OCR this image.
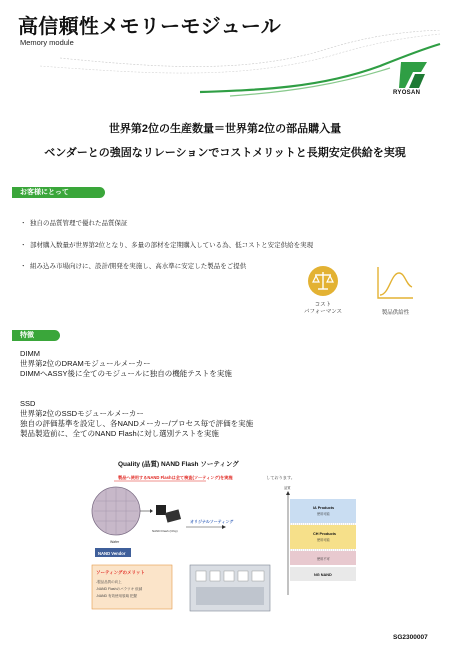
高信頼性メモリーモジュール
Memory module
RYOSAN
世界第2位の生産数量＝世界第2位の部品購入量
ベンダーとの強固なリレーションでコストメリットと長期安定供給を実現
お客様にとって
・ 独自の品質管理で優れた品質保証
・ 部材購入数量が世界第2位となり、多量の部材を定期購入している為、低コストと安定供給を実現
・ 組み込み市場向けに、設計/開発を実施し、高水準に安定した製品をご提供
コスト
パフォーマンス	製品供給性
特徴
DIMM
世界第2位のDRAMモジュールメーカー
DIMMへASSY後に全てのモジュールに独自の機能テストを実施
SSD
世界第2位のSSDモジュールメーカー
独自の評価基準を設定し、各NANDメーカー/プロセス毎で評価を実施
製品製造前に、全てのNAND Flashに対し選別テストを実施
Quality (品質) NAND Flash ソーティング
製品へ使用するNAND Flashは全て検査(ソーティング)を実施	しております。
Wafer
NAND Flash (Chip)
オリジナルソーティング
NAND Vendor
ソーティングのメリット
-製品品質の向上
-NAND Flashのバラツキ 低減
-NAND 有効使用領域 把握
品質
IA Products
使用可能
CH Products
使用可能
使用不可
NG NAND
SG2300007
